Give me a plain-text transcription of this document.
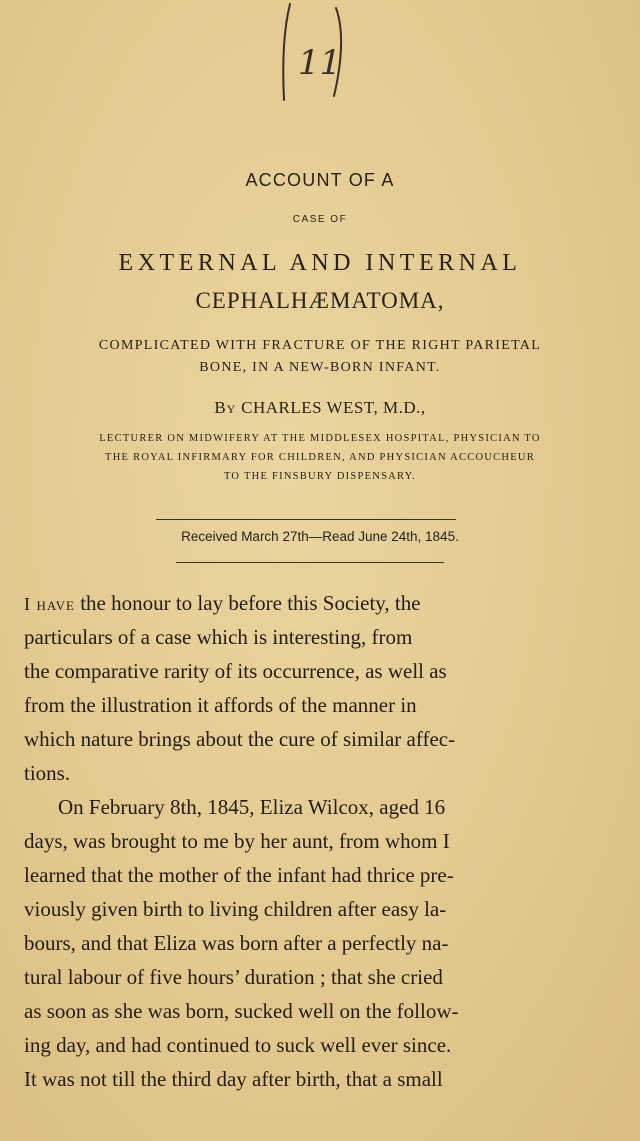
11
ACCOUNT OF A
CASE OF
EXTERNAL AND INTERNAL
CEPHALHÆMATOMA,
COMPLICATED WITH FRACTURE OF THE RIGHT PARIETAL
BONE, IN A NEW-BORN INFANT.
By CHARLES WEST, M.D.,
LECTURER ON MIDWIFERY AT THE MIDDLESEX HOSPITAL, PHYSICIAN TO
THE ROYAL INFIRMARY FOR CHILDREN, AND PHYSICIAN ACCOUCHEUR
TO THE FINSBURY DISPENSARY.
Received March 27th—Read June 24th, 1845.
I have the honour to lay before this Society, the
particulars of a case which is interesting, from
the comparative rarity of its occurrence, as well as
from the illustration it affords of the manner in
which nature brings about the cure of similar affec-
tions.
On February 8th, 1845, Eliza Wilcox, aged 16
days, was brought to me by her aunt, from whom I
learned that the mother of the infant had thrice pre-
viously given birth to living children after easy la-
bours, and that Eliza was born after a perfectly na-
tural labour of five hours’ duration ; that she cried
as soon as she was born, sucked well on the follow-
ing day, and had continued to suck well ever since.
It was not till the third day after birth, that a small
